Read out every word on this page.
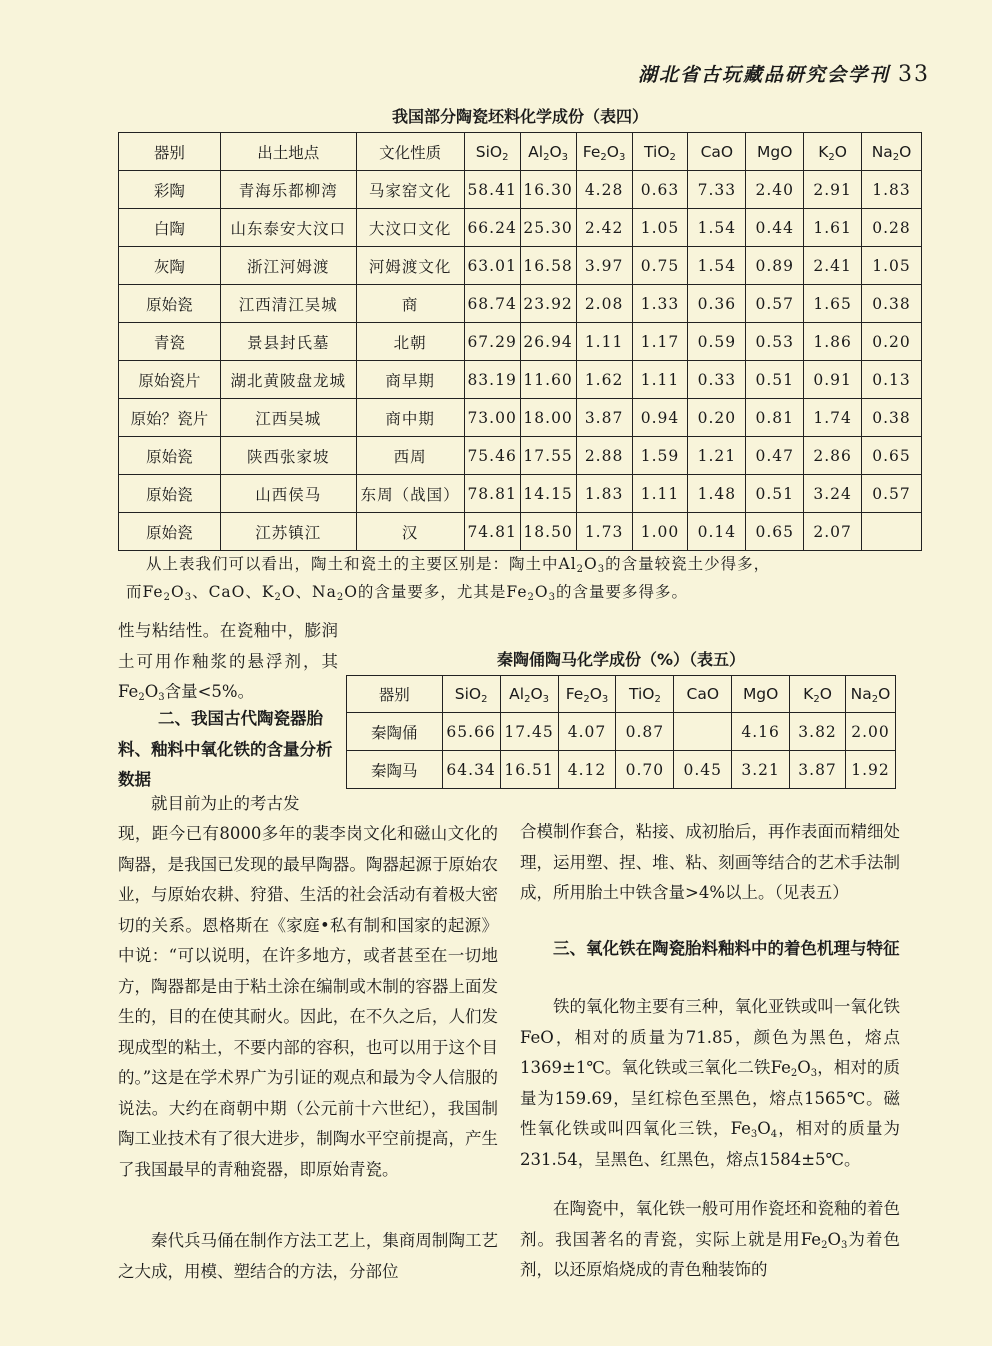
湖北省古玩藏品研究会学刊 33
我国部分陶瓷坯料化学成份（表四）
器别	出土地点	文化性质	SiO$_2$	$Al_2O_3$	$Fe_2O_3$	TiO$_2$	CaO	MgO	$K_2O$	$Na_2O$
彩陶	青海乐都柳湾	马家窑文化	58.41	16.30	4.28	0.63	7.33	2.40	2.91	1.83
白陶	山东泰安大汶口	大汶口文化	66.24	25.30	2.42	1.05	1.54	0.44	1.61	0.28
灰陶	浙江河姆渡	河姆渡文化	63.01	16.58	3.97	0.75	1.54	0.89	2.41	1.05
原始瓷	江西清江吴城	商	68.74	23.92	2.08	1.33	0.36	0.57	1.65	0.38
青瓷	景县封氏墓	北朝	67.29	26.94	1.11	1.17	0.59	0.53	1.86	0.20
原始瓷片	湖北黄陂盘龙城	商早期	83.19	11.60	1.62	1.11	0.33	0.51	0.91	0.13
原始？瓷片	江西吴城	商中期	73.00	18.00	3.87	0.94	0.20	0.81	1.74	0.38
原始瓷	陕西张家坡	西周	75.46	17.55	2.88	1.59	1.21	0.47	2.86	0.65
原始瓷	山西侯马	东周（战国）	78.81	14.15	1.83	1.11	1.48	0.51	3.24	0.57
原始瓷	江苏镇江	汉	74.81	18.50	1.73	1.00	0.14	0.65	2.07	

从上表我们可以看出，陶土和瓷土的主要区别是：陶土中$Al_2O_3$的含量较瓷土少得多，

而$Fe_2O_3$、CaO、$K_2O$、$Na_2O$的含量要多，尤其是$Fe_2O_3$的含量要多得多。

性与粘结性。在瓷釉中，膨润土可用作釉浆的悬浮剂，其$Fe_2O_3$含量<5%。

二、我国古代陶瓷器胎料、釉料中氧化铁的含量分析数据

就目前为止的考古发

现，距今已有8000多年的裴李岗文化和磁山文化的陶器，是我国已发现的最早陶器。陶器起源于原始农业，与原始农耕、狩猎、生活的社会活动有着极大密切的关系。恩格斯在《家庭•私有制和国家的起源》中说：“可以说明，在许多地方，或者甚至在一切地方，陶器都是由于粘土涂在编制或木制的容器上面发生的，目的在使其耐火。因此，在不久之后，人们发现成型的粘土，不要内部的容积，也可以用于这个目的。”这是在学术界广为引证的观点和最为令人信服的说法。大约在商朝中期（公元前十六世纪），我国制陶工业技术有了很大进步，制陶水平空前提高，产生了我国最早的青釉瓷器，即原始青瓷。

秦代兵马俑在制作方法工艺上，集商周制陶工艺之大成，用模、塑结合的方法，分部位

秦陶俑陶马化学成份（%）（表五）
器别	SiO$_2$	$Al_2O_3$	$Fe_2O_3$	TiO$_2$	CaO	MgO	$K_2O$	$Na_2O$
秦陶俑	65.66	17.45	4.07	0.87		4.16	3.82	2.00
秦陶马	64.34	16.51	4.12	0.70	0.45	3.21	3.87	1.92

合模制作套合，粘接、成初胎后，再作表面而精细处理，运用塑、捏、堆、粘、刻画等结合的艺术手法制成，所用胎土中铁含量>4%以上。（见表五）

三、氧化铁在陶瓷胎料釉料中的着色机理与特征

铁的氧化物主要有三种，氧化亚铁或叫一氧化铁FeO，相对的质量为71.85，颜色为黑色，熔点1369±1℃。氧化铁或三氧化二铁$Fe_2O_3$，相对的质量为159.69，呈红棕色至黑色，熔点1565℃。磁性氧化铁或叫四氧化三铁，$Fe_3O_4$，相对的质量为231.54，呈黑色、红黑色，熔点1584±5℃。

在陶瓷中，氧化铁一般可用作瓷坯和瓷釉的着色剂。我国著名的青瓷，实际上就是用$Fe_2O_3$为着色剂，以还原焰烧成的青色釉装饰的
